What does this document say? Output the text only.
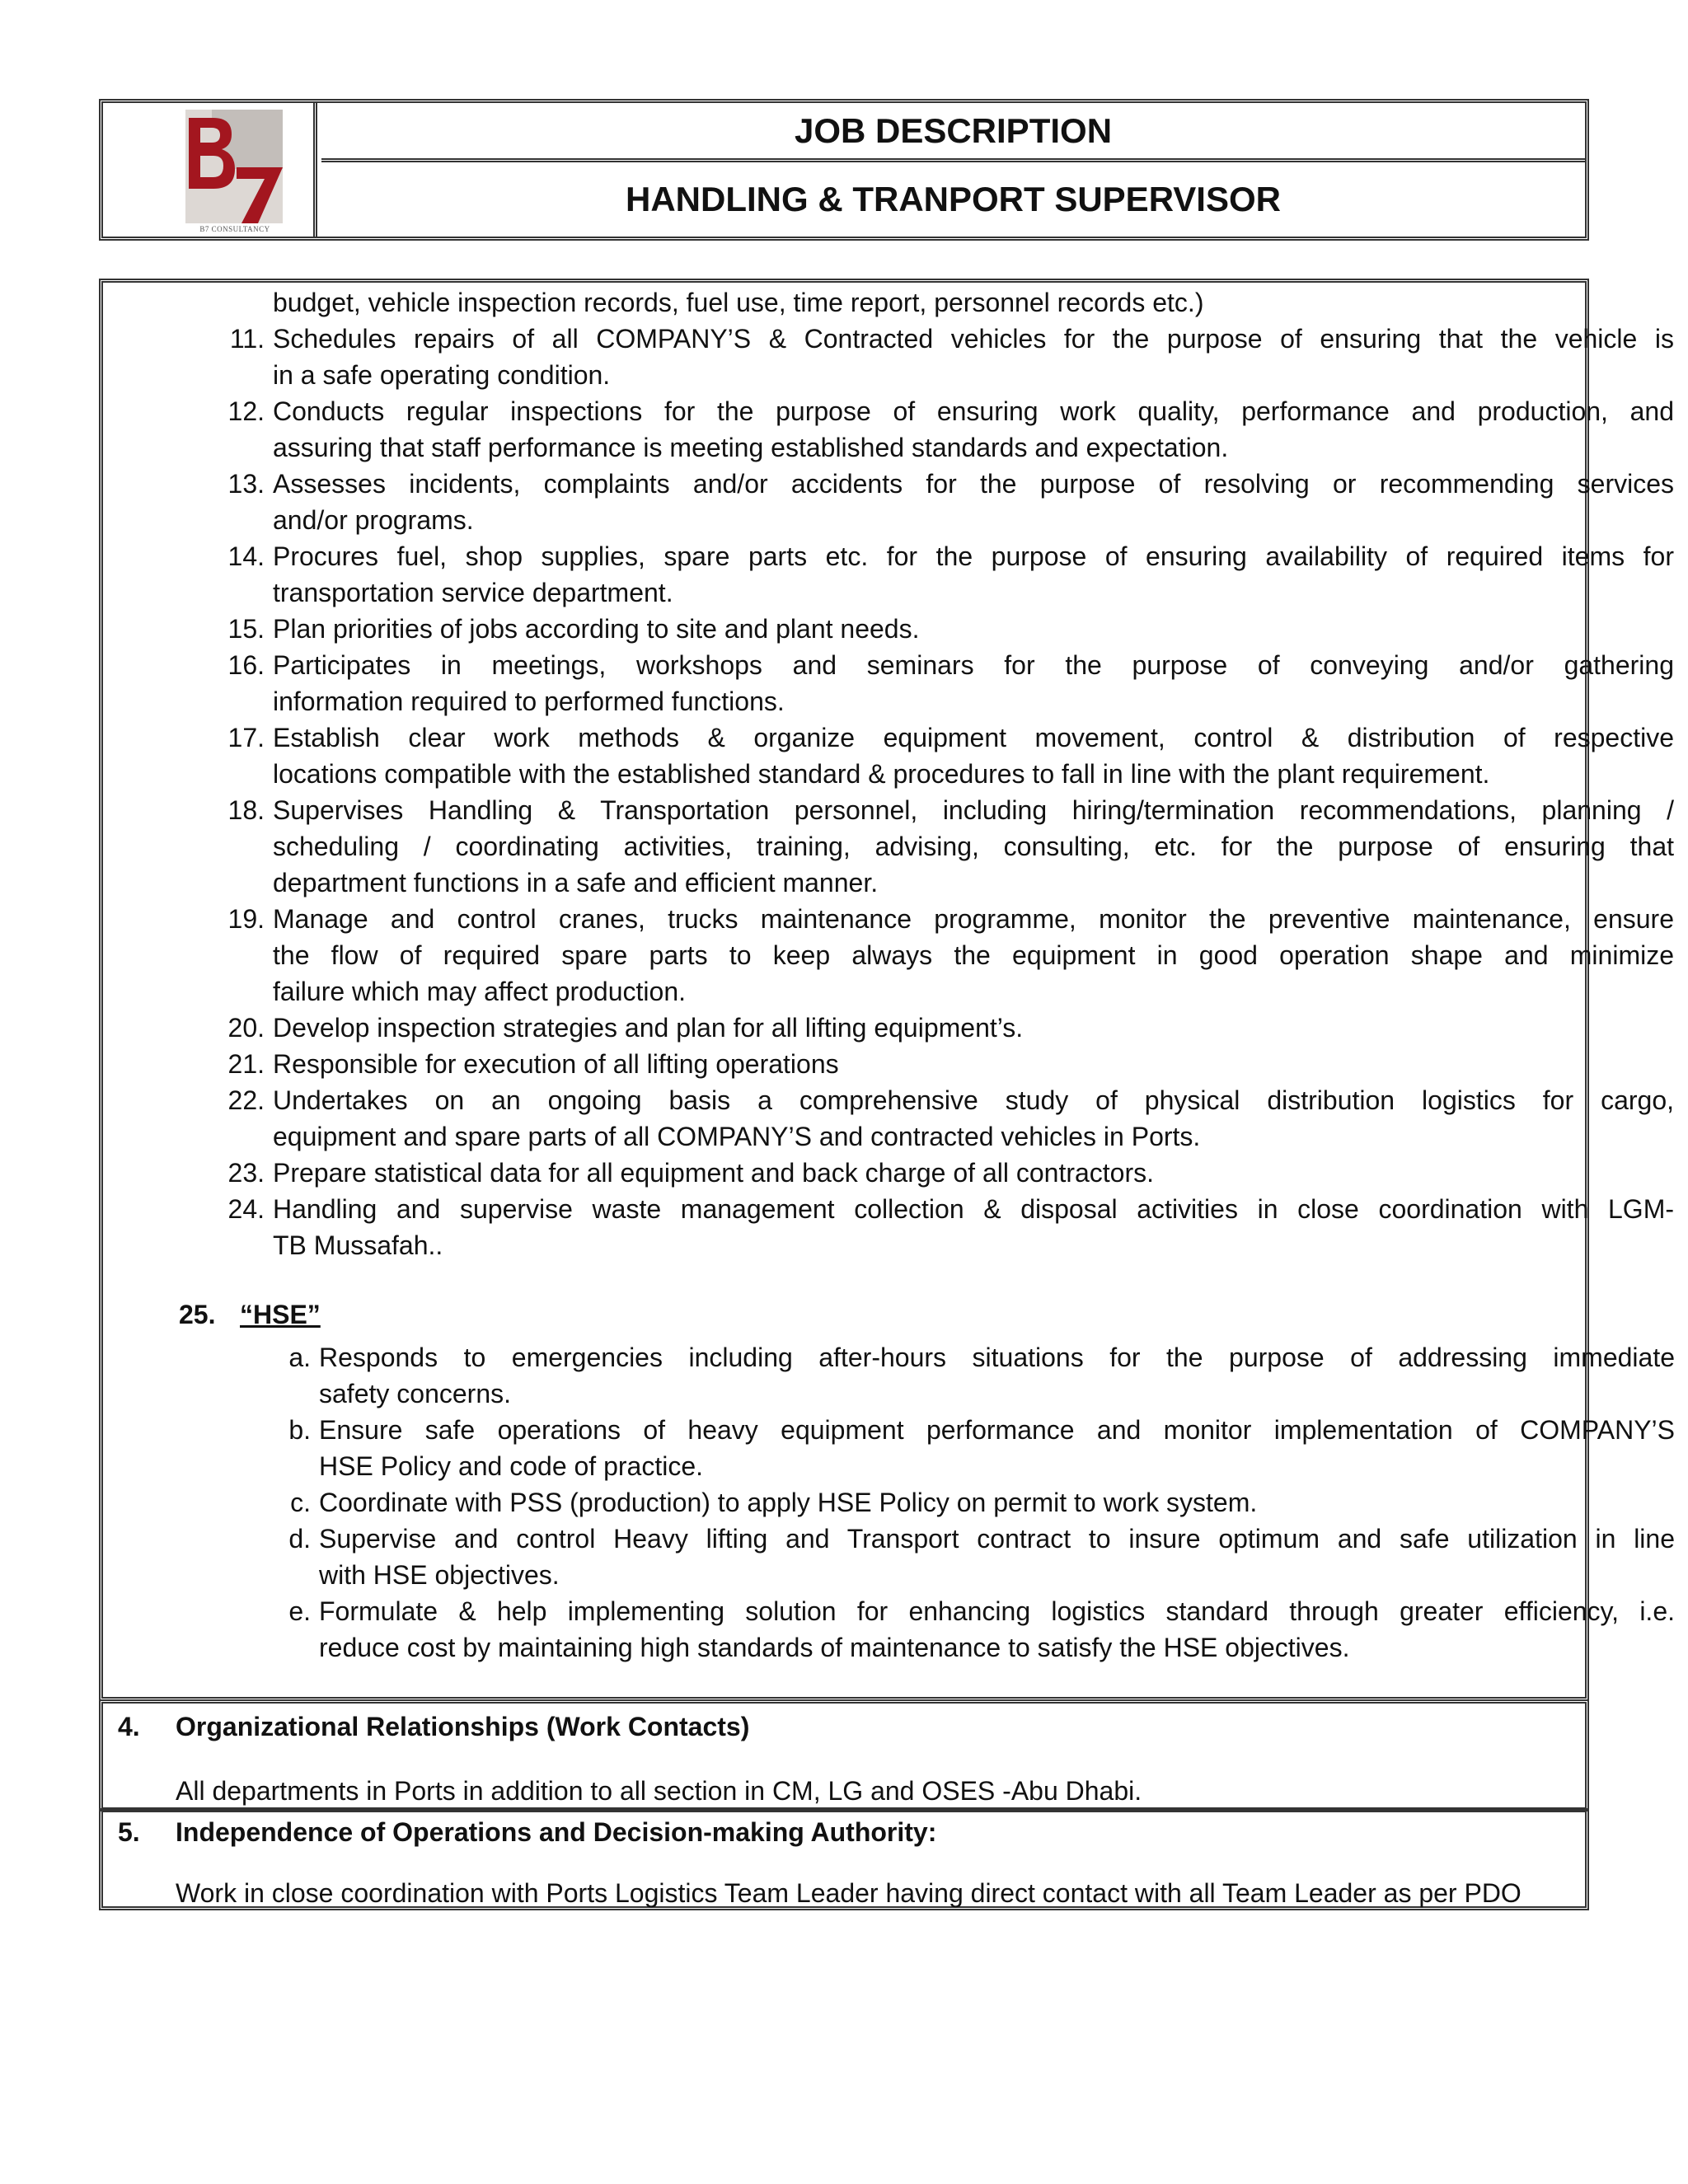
B7 CONSULTANCY
JOB DESCRIPTION
HANDLING & TRANPORT SUPERVISOR
budget, vehicle inspection records, fuel use, time report, personnel records etc.)
11. Schedules repairs of all COMPANY’S & Contracted vehicles for the purpose of ensuring that the vehicle is
in a safe operating condition.
12. Conducts regular inspections for the purpose of ensuring work quality, performance and production, and
assuring that staff performance is meeting established standards and expectation.
13. Assesses incidents, complaints and/or accidents for the purpose of resolving or recommending services
and/or programs.
14. Procures fuel, shop supplies, spare parts etc. for the purpose of ensuring availability of required items for
transportation service department.
15. Plan priorities of jobs according to site and plant needs.
16. Participates in meetings, workshops and seminars for the purpose of conveying and/or gathering
information required to performed functions.
17. Establish clear work methods & organize equipment movement, control & distribution of respective
locations compatible with the established standard & procedures to fall in line with the plant requirement.
18. Supervises Handling & Transportation personnel, including hiring/termination recommendations, planning /
scheduling / coordinating activities, training, advising, consulting, etc. for the purpose of ensuring that
department functions in a safe and efficient manner.
19. Manage and control cranes, trucks maintenance programme, monitor the preventive maintenance, ensure
the flow of required spare parts to keep always the equipment in good operation shape and minimize
failure which may affect production.
20. Develop inspection strategies and plan for all lifting equipment’s.
21. Responsible for execution of all lifting operations
22. Undertakes on an ongoing basis a comprehensive study of physical distribution logistics for cargo,
equipment and spare parts of all COMPANY’S and contracted vehicles in Ports.
23. Prepare statistical data for all equipment and back charge of all contractors.
24. Handling and supervise waste management collection & disposal activities in close coordination with LGM-
TB Mussafah..
25. “HSE”
a. Responds to emergencies including after-hours situations for the purpose of addressing immediate
safety concerns.
b. Ensure safe operations of heavy equipment performance and monitor implementation of COMPANY’S
HSE Policy and code of practice.
c. Coordinate with PSS (production) to apply HSE Policy on permit to work system.
d. Supervise and control Heavy lifting and Transport contract to insure optimum and safe utilization in line
with HSE objectives.
e. Formulate & help implementing solution for enhancing logistics standard through greater efficiency, i.e.
reduce cost by maintaining high standards of maintenance to satisfy the HSE objectives.
4. Organizational Relationships (Work Contacts)
All departments in Ports in addition to all section in CM, LG and OSES -Abu Dhabi.
5. Independence of Operations and Decision-making Authority:
Work in close coordination with Ports Logistics Team Leader having direct contact with all Team Leader as per PDO
